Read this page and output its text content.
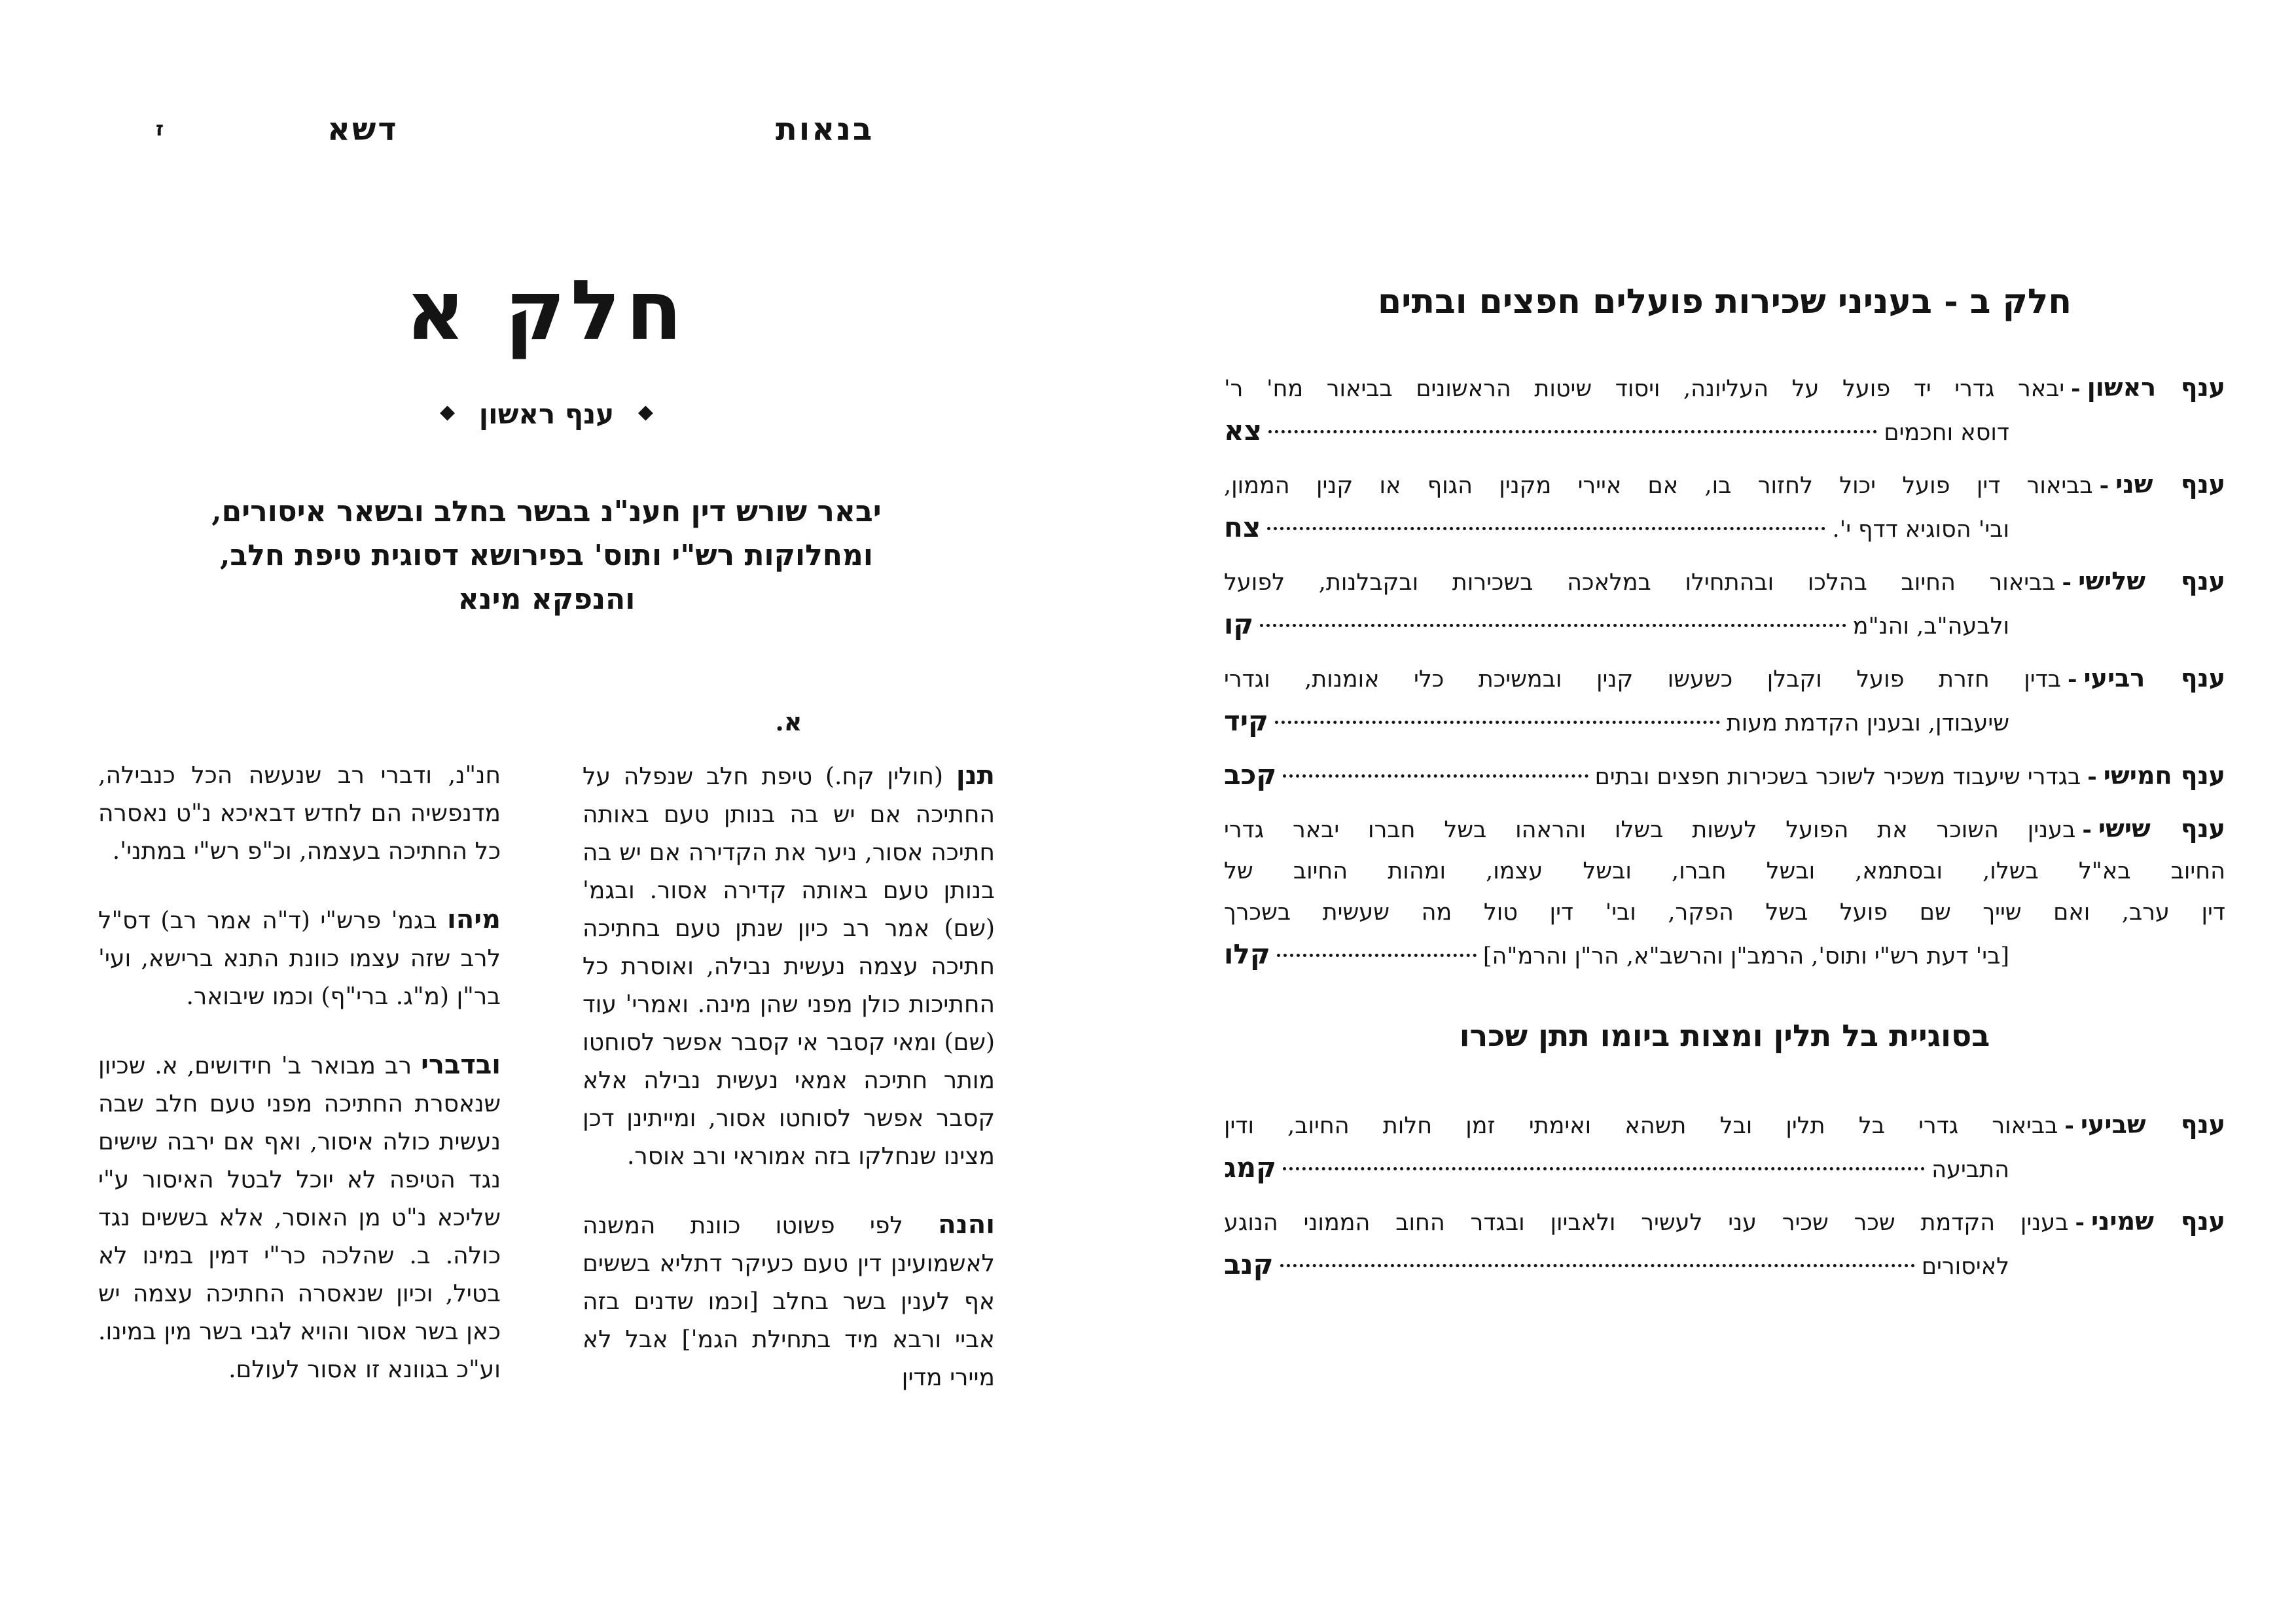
בנאות
דשא
ז
חלק א
◆ ענף ראשון ◆
יבאר שורש דין חענ"נ בבשר בחלב ובשאר איסורים,
ומחלוקות רש"י ותוס' בפירושא דסוגית טיפת חלב,
והנפקא מינא
א.
תנן (חולין קח.) טיפת חלב שנפלה על החתיכה אם יש בה בנותן טעם באותה חתיכה אסור, ניער את הקדירה אם יש בה בנותן טעם באותה קדירה אסור. ובגמ' (שם) אמר רב כיון שנתן טעם בחתיכה חתיכה עצמה נעשית נבילה, ואוסרת כל החתיכות כולן מפני שהן מינה. ואמרי' עוד (שם) ומאי קסבר אי קסבר אפשר לסוחטו מותר חתיכה אמאי נעשית נבילה אלא קסבר אפשר לסוחטו אסור, ומייתינן דכן מצינו שנחלקו בזה אמוראי ורב אוסר.
והנה לפי פשוטו כוונת המשנה לאשמועינן דין טעם כעיקר דתליא בששים אף לענין בשר בחלב [וכמו שדנים בזה אביי ורבא מיד בתחילת הגמ'] אבל לא מיירי מדין
חנ"נ, ודברי רב שנעשה הכל כנבילה, מדנפשיה הם לחדש דבאיכא נ"ט נאסרה כל החתיכה בעצמה, וכ"פ רש"י במתני'.
מיהו בגמ' פרש"י (ד"ה אמר רב) דס"ל לרב שזה עצמו כוונת התנא ברישא, ועי' בר"ן (מ"ג. ברי"ף) וכמו שיבואר.
ובדברי רב מבואר ב' חידושים, א. שכיון שנאסרת החתיכה מפני טעם חלב שבה נעשית כולה איסור, ואף אם ירבה שישים נגד הטיפה לא יוכל לבטל האיסור ע"י שליכא נ"ט מן האוסר, אלא בששים נגד כולה. ב. שהלכה כר"י דמין במינו לא בטיל, וכיון שנאסרה החתיכה עצמה יש כאן בשר אסור והויא לגבי בשר מין במינו. וע"כ בגוונא זו אסור לעולם.
חלק ב - בעניני שכירות פועלים חפצים ובתים
ענף ראשון-יבאר גדרי יד פועל על העליונה, ויסוד שיטות הראשונים בביאור מח' ר'
דוסא וחכמים
צא
ענף שני-בביאור דין פועל יכול לחזור בו, אם איירי מקנין הגוף או קנין הממון,
ובי' הסוגיא דדף י'.
צח
ענף שלישי-בביאור החיוב בהלכו ובהתחילו במלאכה בשכירות ובקבלנות, לפועל
ולבעה"ב, והנ"מ
קו
ענף רביעי-בדין חזרת פועל וקבלן כשעשו קנין ובמשיכת כלי אומנות, וגדרי
שיעבודן, ובענין הקדמת מעות
קיד
ענף חמישי
-
בגדרי שיעבוד משכיר לשוכר בשכירות חפצים ובתים
קכב
ענף שישי-בענין השוכר את הפועל לעשות בשלו והראהו בשל חברו יבאר גדרי
החיוב בא"ל בשלו, ובסתמא, ובשל חברו, ובשל עצמו, ומהות החיוב של
דין ערב, ואם שייך שם פועל בשל הפקר, ובי' דין טול מה שעשית בשכרך
[בי' דעת רש"י ותוס', הרמב"ן והרשב"א, הר"ן והרמ"ה]
קלו
בסוגיית בל תלין ומצות ביומו תתן שכרו
ענף שביעי-בביאור גדרי בל תלין ובל תשהא ואימתי זמן חלות החיוב, ודין
התביעה
קמג
ענף שמיני-בענין הקדמת שכר שכיר עני לעשיר ולאביון ובגדר החוב הממוני הנוגע
לאיסורים
קנב
